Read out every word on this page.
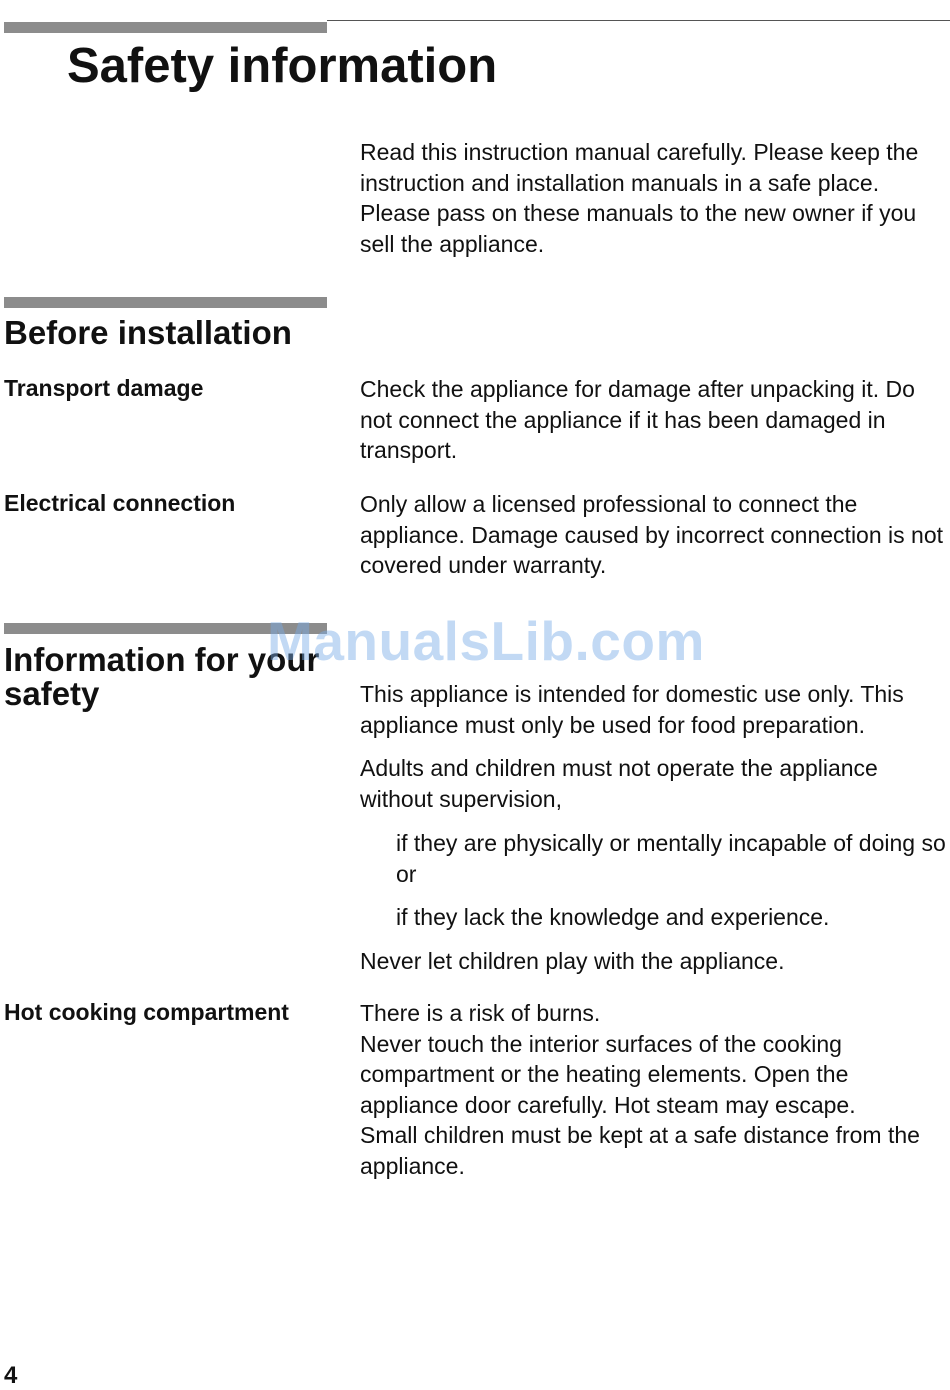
Safety information

Read this instruction manual carefully. Please keep the instruction and installation manuals in a safe place. Please pass on these manuals to the new owner if you sell the appliance.

Before installation
Transport damage	Check the appliance for damage after unpacking it. Do not connect the appliance if it has been damaged in transport.

Electrical connection	Only allow a licensed professional to connect the appliance. Damage caused by incorrect connection is not covered under warranty.

Information for your safety	This appliance is intended for domestic use only. This appliance must only be used for food preparation.

Adults and children must not operate the appliance without supervision,

if they are physically or mentally incapable of doing so or

if they lack the knowledge and experience.

Never let children play with the appliance.

Hot cooking compartment	There is a risk of burns.

Never touch the interior surfaces of the cooking compartment or the heating elements. Open the appliance door carefully. Hot steam may escape.

Small children must be kept at a safe distance from the appliance.

ManualsLib.com
4
